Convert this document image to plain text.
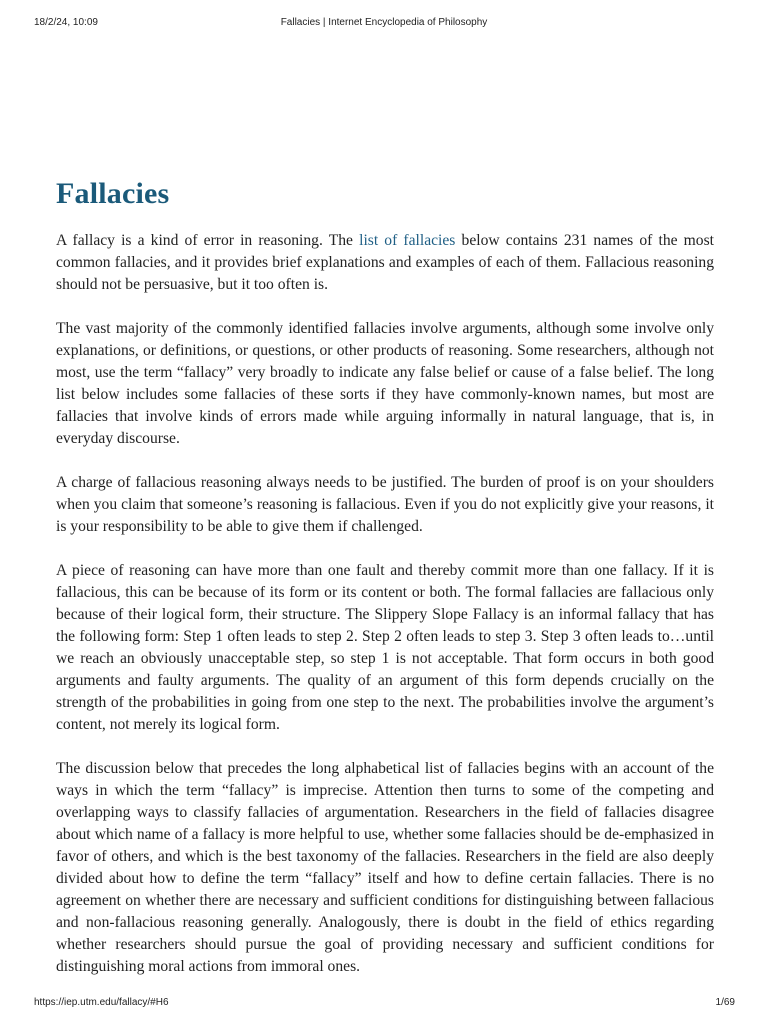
18/2/24, 10:09	Fallacies | Internet Encyclopedia of Philosophy
Fallacies

A fallacy is a kind of error in reasoning. The list of fallacies below contains 231 names of the most common fallacies, and it provides brief explanations and examples of each of them. Fallacious reasoning should not be persuasive, but it too often is.

The vast majority of the commonly identified fallacies involve arguments, although some involve only explanations, or definitions, or questions, or other products of reasoning. Some researchers, although not most, use the term “fallacy” very broadly to indicate any false belief or cause of a false belief. The long list below includes some fallacies of these sorts if they have commonly-known names, but most are fallacies that involve kinds of errors made while arguing informally in natural language, that is, in everyday discourse.

A charge of fallacious reasoning always needs to be justified. The burden of proof is on your shoulders when you claim that someone’s reasoning is fallacious. Even if you do not explicitly give your reasons, it is your responsibility to be able to give them if challenged.

A piece of reasoning can have more than one fault and thereby commit more than one fallacy. If it is fallacious, this can be because of its form or its content or both. The formal fallacies are fallacious only because of their logical form, their structure. The Slippery Slope Fallacy is an informal fallacy that has the following form: Step 1 often leads to step 2. Step 2 often leads to step 3. Step 3 often leads to…until we reach an obviously unacceptable step, so step 1 is not acceptable. That form occurs in both good arguments and faulty arguments. The quality of an argument of this form depends crucially on the strength of the probabilities in going from one step to the next. The probabilities involve the argument’s content, not merely its logical form.

The discussion below that precedes the long alphabetical list of fallacies begins with an account of the ways in which the term “fallacy” is imprecise. Attention then turns to some of the competing and overlapping ways to classify fallacies of argumentation. Researchers in the field of fallacies disagree about which name of a fallacy is more helpful to use, whether some fallacies should be de-emphasized in favor of others, and which is the best taxonomy of the fallacies. Researchers in the field are also deeply divided about how to define the term “fallacy” itself and how to define certain fallacies. There is no agreement on whether there are necessary and sufficient conditions for distinguishing between fallacious and non-fallacious reasoning generally. Analogously, there is doubt in the field of ethics regarding whether researchers should pursue the goal of providing necessary and sufficient conditions for distinguishing moral actions from immoral ones.

https://iep.utm.edu/fallacy/#H6	1/69
